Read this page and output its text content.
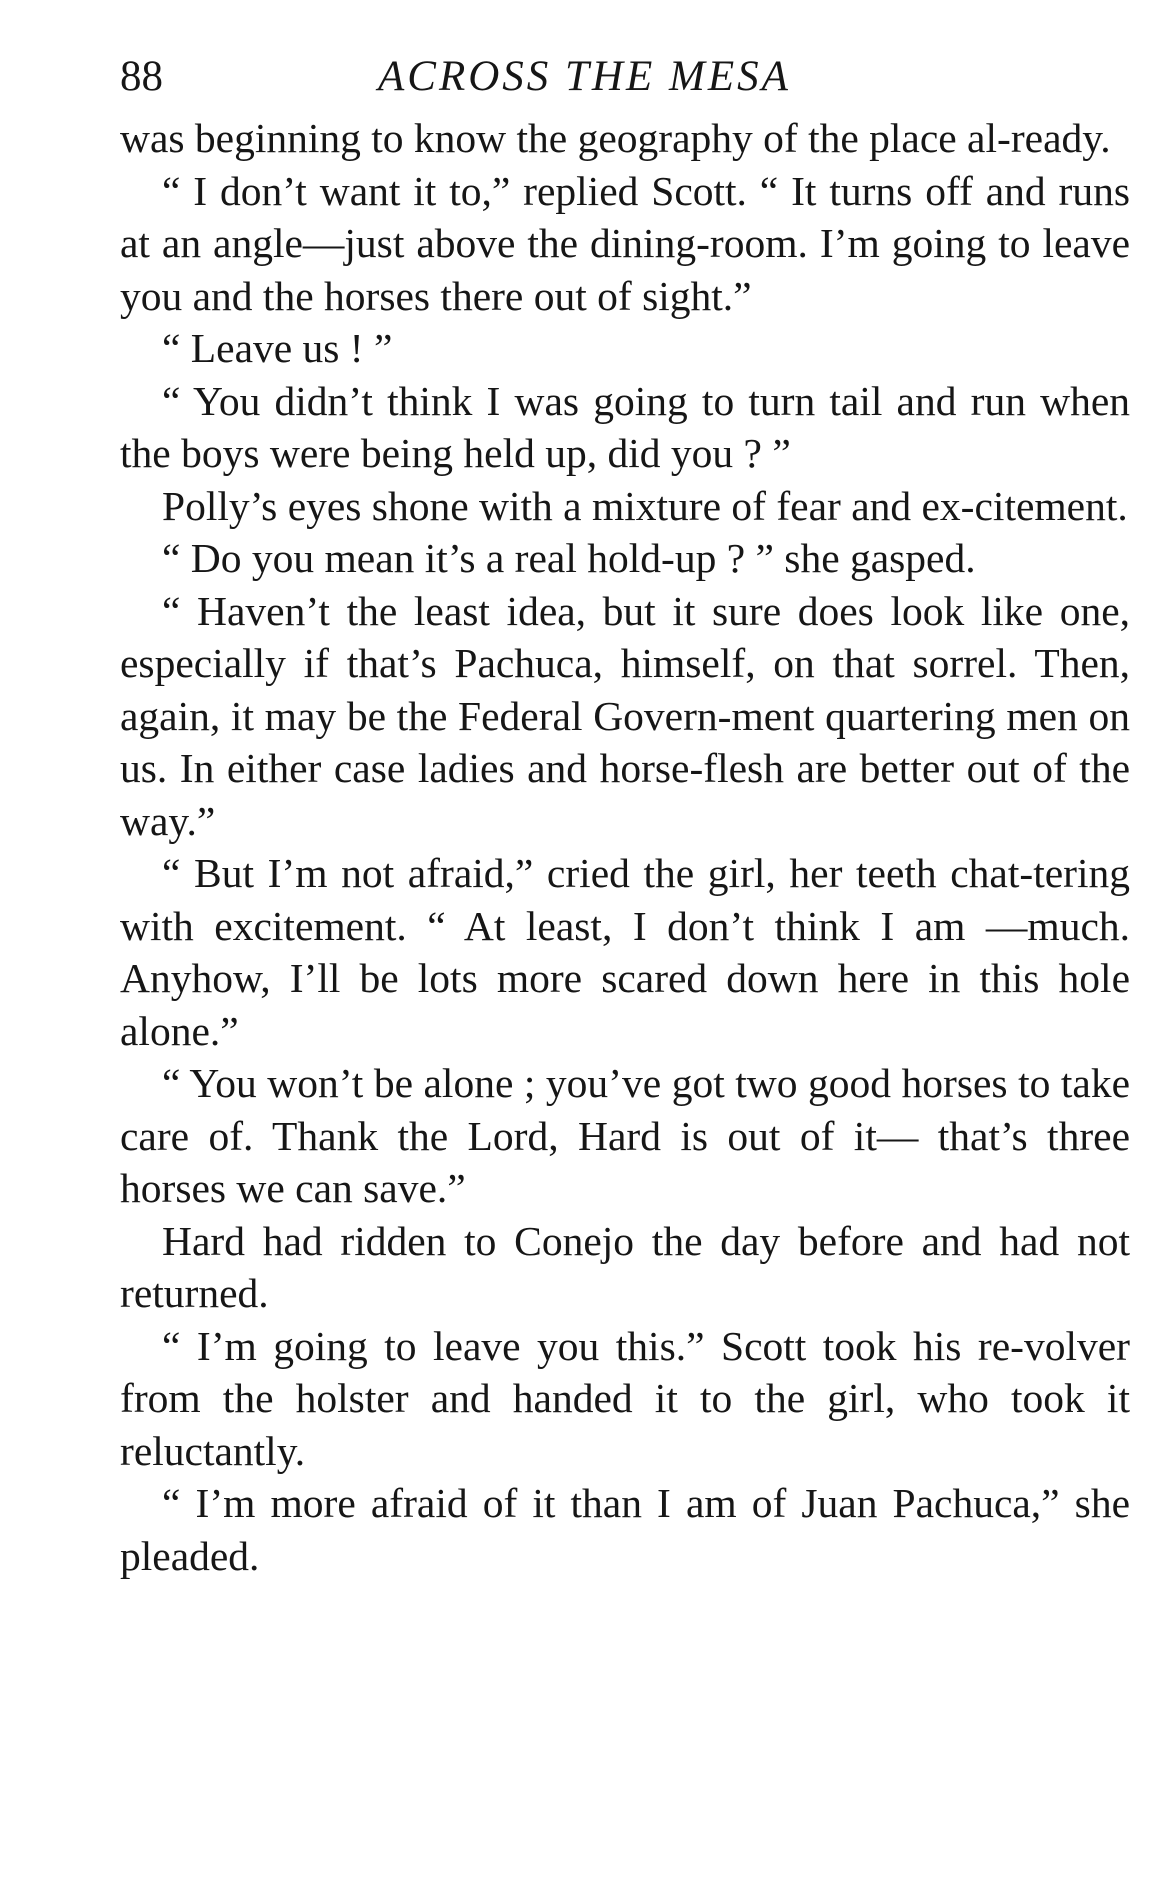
88	ACROSS THE MESA

was beginning to know the geography of the place al-ready.

“ I don’t want it to,” replied Scott. “ It turns off and runs at an angle—just above the dining-room. I’m going to leave you and the horses there out of sight.”

“ Leave us ! ”

“ You didn’t think I was going to turn tail and run when the boys were being held up, did you ? ”

Polly’s eyes shone with a mixture of fear and ex-citement.

“ Do you mean it’s a real hold-up ? ” she gasped.

“ Haven’t the least idea, but it sure does look like one, especially if that’s Pachuca, himself, on that sorrel. Then, again, it may be the Federal Govern-ment quartering men on us. In either case ladies and horse-flesh are better out of the way.”

“ But I’m not afraid,” cried the girl, her teeth chat-tering with excitement. “ At least, I don’t think I am —much. Anyhow, I’ll be lots more scared down here in this hole alone.”

“ You won’t be alone ; you’ve got two good horses to take care of. Thank the Lord, Hard is out of it— that’s three horses we can save.”

Hard had ridden to Conejo the day before and had not returned.

“ I’m going to leave you this.” Scott took his re-volver from the holster and handed it to the girl, who took it reluctantly.

“ I’m more afraid of it than I am of Juan Pachuca,” she pleaded.
